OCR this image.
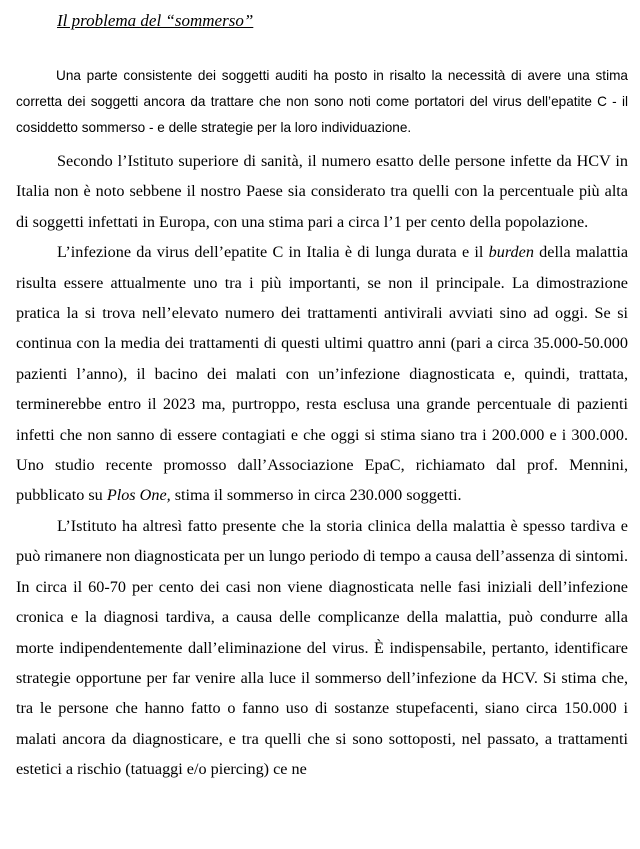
Il problema del “sommerso”
Una parte consistente dei soggetti auditi ha posto in risalto la necessità di avere una stima corretta dei soggetti ancora da trattare che non sono noti come portatori del virus dell’epatite C - il cosiddetto sommerso - e delle strategie per la loro individuazione.

Secondo l’Istituto superiore di sanità, il numero esatto delle persone infette da HCV in Italia non è noto sebbene il nostro Paese sia considerato tra quelli con la percentuale più alta di soggetti infettati in Europa, con una stima pari a circa l’1 per cento della popolazione.

L’infezione da virus dell’epatite C in Italia è di lunga durata e il burden della malattia risulta essere attualmente uno tra i più importanti, se non il principale. La dimostrazione pratica la si trova nell’elevato numero dei trattamenti antivirali avviati sino ad oggi. Se si continua con la media dei trattamenti di questi ultimi quattro anni (pari a circa 35.000-50.000 pazienti l’anno), il bacino dei malati con un’infezione diagnosticata e, quindi, trattata, terminerebbe entro il 2023 ma, purtroppo, resta esclusa una grande percentuale di pazienti infetti che non sanno di essere contagiati e che oggi si stima siano tra i 200.000 e i 300.000. Uno studio recente promosso dall’Associazione EpaC, richiamato dal prof. Mennini, pubblicato su Plos One, stima il sommerso in circa 230.000 soggetti.

L’Istituto ha altresì fatto presente che la storia clinica della malattia è spesso tardiva e può rimanere non diagnosticata per un lungo periodo di tempo a causa dell’assenza di sintomi. In circa il 60-70 per cento dei casi non viene diagnosticata nelle fasi iniziali dell’infezione cronica e la diagnosi tardiva, a causa delle complicanze della malattia, può condurre alla morte indipendentemente dall’eliminazione del virus. È indispensabile, pertanto, identificare strategie opportune per far venire alla luce il sommerso dell’infezione da HCV. Si stima che, tra le persone che hanno fatto o fanno uso di sostanze stupefacenti, siano circa 150.000 i malati ancora da diagnosticare, e tra quelli che si sono sottoposti, nel passato, a trattamenti estetici a rischio (tatuaggi e/o piercing) ce ne
